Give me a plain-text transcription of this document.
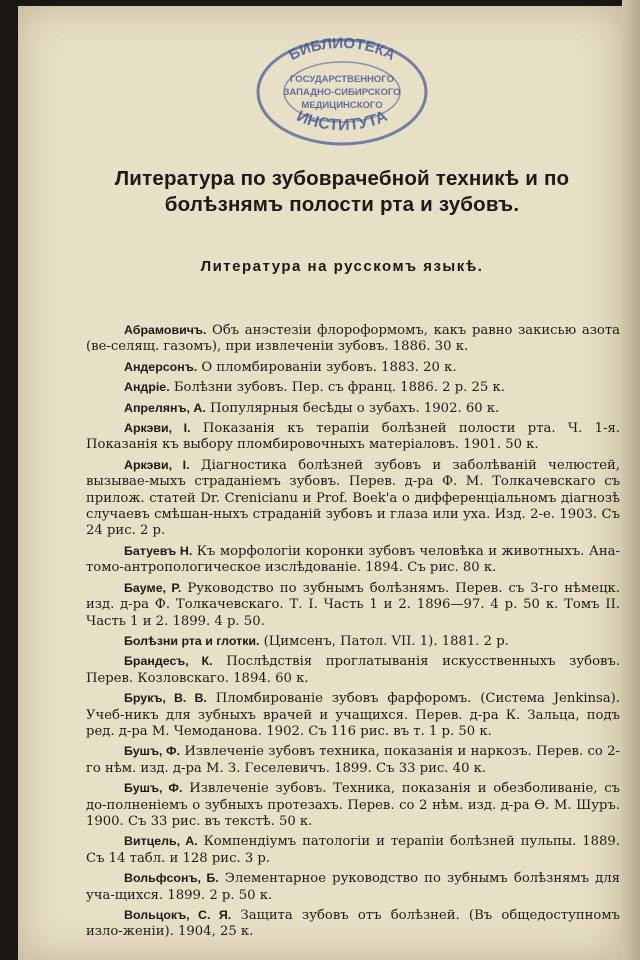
БИБЛИОТЕКА
ГОСУДАРСТВЕННОГО
ЗАПАДНО-СИБИРСКОГО
МЕДИЦИНСКОГО
ИНСТИТУТА
Литература по зубоврачебной техникѣ и по болѣзнямъ полости рта и зубовъ.
Литература на русскомъ языкѣ.

Абрамовичъ. Объ анэстезіи флороформомъ, какъ равно закисью азота (ве-селящ. газомъ), при извлеченіи зубовъ. 1886. 30 к.

Андерсонъ. О пломбированіи зубовъ. 1883. 20 к.

Андріе. Болѣзни зубовъ. Пер. съ франц. 1886. 2 р. 25 к.

Апрелянъ, А. Популярныя бесѣды о зубахъ. 1902. 60 к.

Аркэви, І. Показанія къ терапіи болѣзней полости рта. Ч. 1-я. Показанія къ выбору пломбировочныхъ матеріаловъ. 1901. 50 к.

Аркэви, І. Діагностика болѣзней зубовъ и заболѣваній челюстей, вызывае-мыхъ страданіемъ зубовъ. Перев. д-ра Ф. М. Толкачевскаго съ прилож. статей Dr. Crenicianu и Prof. Boek'а о дифференціальномъ діагнозѣ случаевъ смѣшан-ныхъ страданій зубовъ и глаза или уха. Изд. 2-е. 1903. Съ 24 рис. 2 р.

Батуевъ Н. Къ морфологіи коронки зубовъ человѣка и животныхъ. Ана-томо-антропологическое изслѣдованіе. 1894. Съ рис. 80 к.

Бауме, Р. Руководство по зубнымъ болѣзнямъ. Перев. съ 3-го нѣмецк. изд. д-ра Ф. Толкачевскаго. Т. І. Часть 1 и 2. 1896—97. 4 р. 50 к. Томъ II. Часть 1 и 2. 1899. 4 р. 50.

Болѣзни рта и глотки. (Цимсенъ, Патол. VII. 1). 1881. 2 р.

Брандесъ, К. Послѣдствія проглатыванія искусственныхъ зубовъ. Перев. Козловскаго. 1894. 60 к.

Брукъ, В. В. Пломбированіе зубовъ фарфоромъ. (Система Jenkinsa). Учеб-никъ для зубныхъ врачей и учащихся. Перев. д-ра К. Зальца, подъ ред. д-ра М. Чемоданова. 1902. Съ 116 рис. въ т. 1 р. 50 к.

Бушъ, Ф. Извлеченіе зубовъ техника, показанія и наркозъ. Перев. со 2-го нѣм. изд. д-ра М. З. Геселевичъ. 1899. Съ 33 рис. 40 к.

Бушъ, Ф. Извлеченіе зубовъ. Техника, показанія и обезболиваніе, съ до-полненіемъ о зубныхъ протезахъ. Перев. со 2 нѣм. изд. д-ра Ѳ. М. Шуръ. 1900. Съ 33 рис. въ текстѣ. 50 к.

Витцель, А. Компендіумъ патологіи и терапіи болѣзней пульпы. 1889. Съ 14 табл. и 128 рис. 3 р.

Вольфсонъ, Б. Элементарное руководство по зубнымъ болѣзнямъ для уча-щихся. 1899. 2 р. 50 к.

Вольцокъ, С. Я. Защита зубовъ отъ болѣзней. (Въ общедоступномъ изло-женіи). 1904, 25 к.
